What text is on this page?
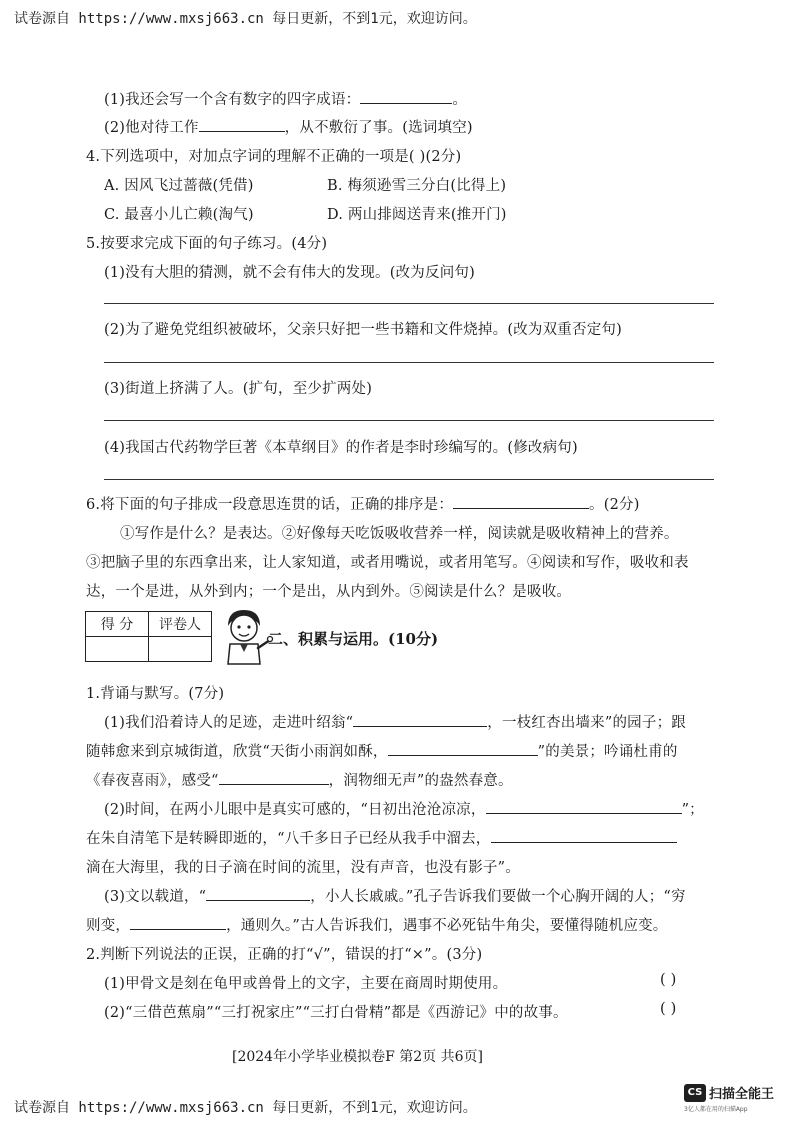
试卷源自 https://www.mxsj663.cn 每日更新，不到1元，欢迎访问。
(1)我还会写一个含有数字的四字成语：	。
(2)他对待工作	，从不敷衍了事。(选词填空)
4.下列选项中，对加点字词的理解不正确的一项是( )(2分)
A. 因风飞过蔷薇(凭借)	B. 梅须逊雪三分白(比得上)
C. 最喜小儿亡赖(淘气)	D. 两山排闼送青来(推开门)
5.按要求完成下面的句子练习。(4分)
(1)没有大胆的猜测，就不会有伟大的发现。(改为反问句)
(2)为了避免党组织被破坏，父亲只好把一些书籍和文件烧掉。(改为双重否定句)
(3)街道上挤满了人。(扩句，至少扩两处)
(4)我国古代药物学巨著《本草纲目》的作者是李时珍编写的。(修改病句)
6.将下面的句子排成一段意思连贯的话，正确的排序是：	。(2分)
①写作是什么？是表达。②好像每天吃饭吸收营养一样，阅读就是吸收精神上的营养。
③把脑子里的东西拿出来，让人家知道，或者用嘴说，或者用笔写。④阅读和写作，吸收和表
达，一个是进，从外到内；一个是出，从内到外。⑤阅读是什么？是吸收。
得 分	评卷人

二、积累与运用。(10分)
1.背诵与默写。(7分)
(1)我们沿着诗人的足迹，走进叶绍翁“	，一枝红杏出墙来”的园子；跟
随韩愈来到京城街道，欣赏“天街小雨润如酥，	”的美景；吟诵杜甫的
《春夜喜雨》，感受“	，润物细无声”的盎然春意。
(2)时间，在两小儿眼中是真实可感的，“日初出沧沧凉凉，	”；
在朱自清笔下是转瞬即逝的，“八千多日子已经从我手中溜去，
滴在大海里，我的日子滴在时间的流里，没有声音，也没有影子”。
(3)文以载道，“	，小人长戚戚。”孔子告诉我们要做一个心胸开阔的人；“穷
则变，	，通则久。”古人告诉我们，遇事不必死钻牛角尖，要懂得随机应变。
2.判断下列说法的正误，正确的打“√”，错误的打“×”。(3分)
(1)甲骨文是刻在龟甲或兽骨上的文字，主要在商周时期使用。	( )
(2)“三借芭蕉扇”“三打祝家庄”“三打白骨精”都是《西游记》中的故事。	( )
[2024年小学毕业模拟卷F 第2页 共6页]
试卷源自 https://www.mxsj663.cn 每日更新，不到1元，欢迎访问。
CS 扫描全能王
3亿人都在用的扫描App
